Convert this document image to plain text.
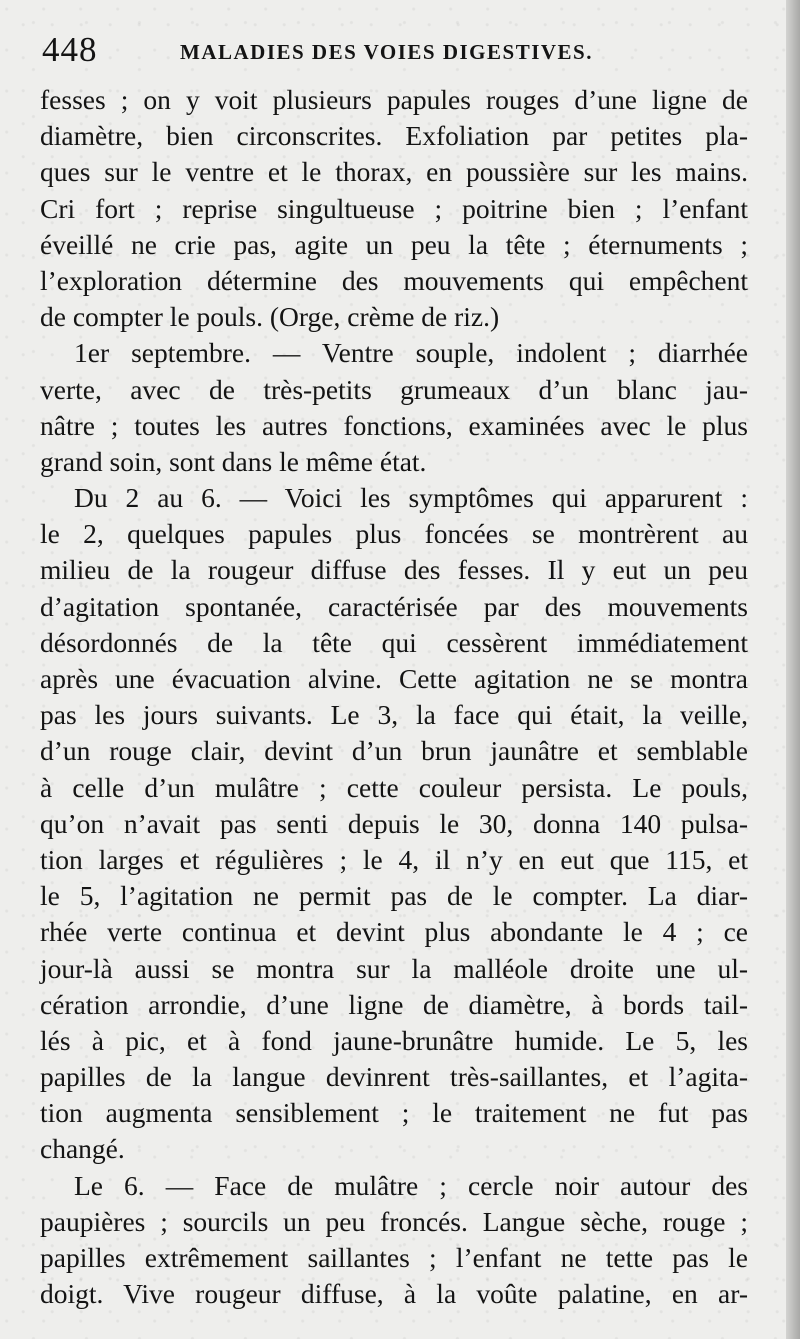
448	MALADIES DES VOIES DIGESTIVES.
fesses ; on y voit plusieurs papules rouges d’une ligne de
diamètre, bien circonscrites. Exfoliation par petites pla-
ques sur le ventre et le thorax, en poussière sur les mains.
Cri fort ; reprise singultueuse ; poitrine bien ; l’enfant
éveillé ne crie pas, agite un peu la tête ; éternuments ;
l’exploration détermine des mouvements qui empêchent
de compter le pouls. (Orge, crème de riz.)
1er septembre. — Ventre souple, indolent ; diarrhée
verte, avec de très-petits grumeaux d’un blanc jau-
nâtre ; toutes les autres fonctions, examinées avec le plus
grand soin, sont dans le même état.
Du 2 au 6. — Voici les symptômes qui apparurent :
le 2, quelques papules plus foncées se montrèrent au
milieu de la rougeur diffuse des fesses. Il y eut un peu
d’agitation spontanée, caractérisée par des mouvements
désordonnés de la tête qui cessèrent immédiatement
après une évacuation alvine. Cette agitation ne se montra
pas les jours suivants. Le 3, la face qui était, la veille,
d’un rouge clair, devint d’un brun jaunâtre et semblable
à celle d’un mulâtre ; cette couleur persista. Le pouls,
qu’on n’avait pas senti depuis le 30, donna 140 pulsa-
tion larges et régulières ; le 4, il n’y en eut que 115, et
le 5, l’agitation ne permit pas de le compter. La diar-
rhée verte continua et devint plus abondante le 4 ; ce
jour-là aussi se montra sur la malléole droite une ul-
cération arrondie, d’une ligne de diamètre, à bords tail-
lés à pic, et à fond jaune-brunâtre humide. Le 5, les
papilles de la langue devinrent très-saillantes, et l’agita-
tion augmenta sensiblement ; le traitement ne fut pas
changé.
Le 6. — Face de mulâtre ; cercle noir autour des
paupières ; sourcils un peu froncés. Langue sèche, rouge ;
papilles extrêmement saillantes ; l’enfant ne tette pas le
doigt. Vive rougeur diffuse, à la voûte palatine, en ar-
